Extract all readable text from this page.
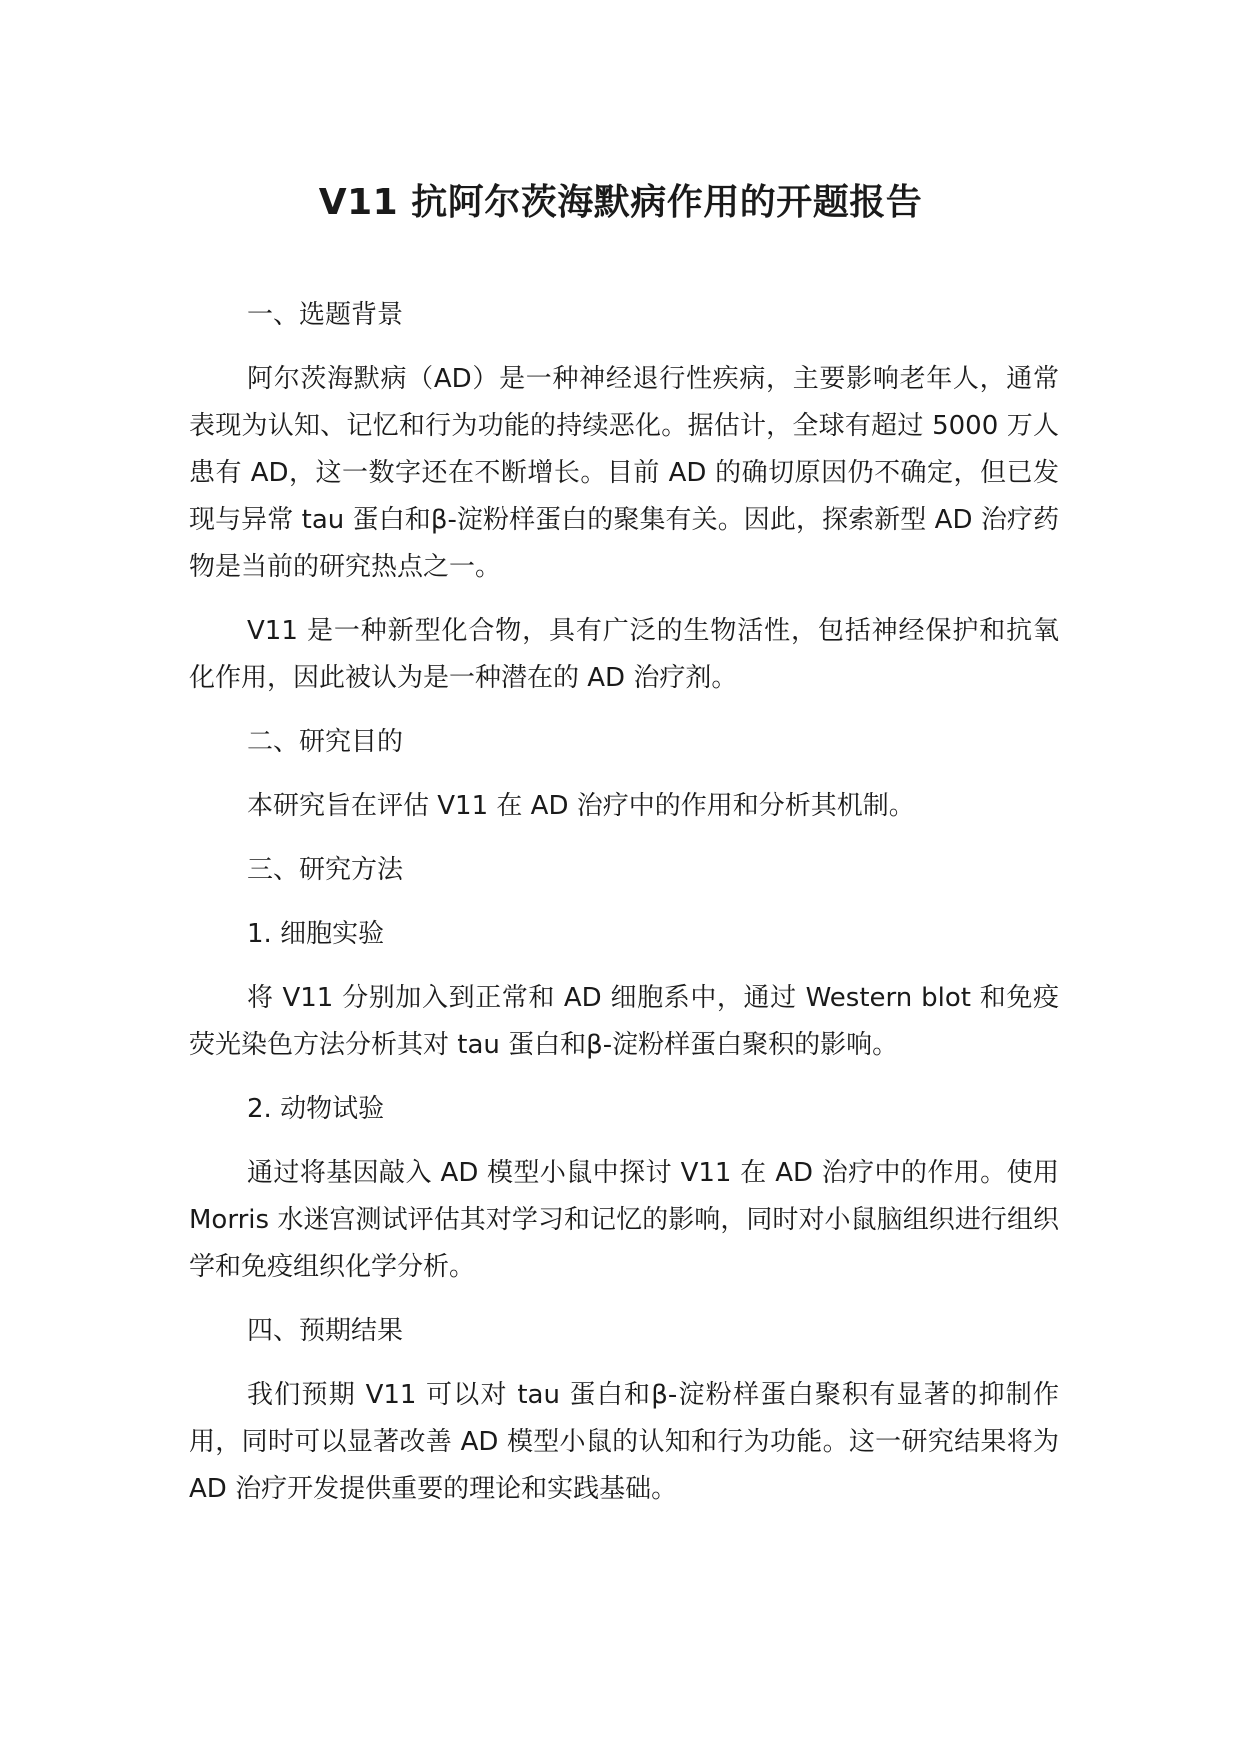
V11 抗阿尔茨海默病作用的开题报告

一、选题背景

阿尔茨海默病（AD）是一种神经退行性疾病，主要影响老年人，通常表现为认知、记忆和行为功能的持续恶化。据估计，全球有超过 5000 万人患有 AD，这一数字还在不断增长。目前 AD 的确切原因仍不确定，但已发现与异常 tau 蛋白和β-淀粉样蛋白的聚集有关。因此，探索新型 AD 治疗药物是当前的研究热点之一。

V11 是一种新型化合物，具有广泛的生物活性，包括神经保护和抗氧化作用，因此被认为是一种潜在的 AD 治疗剂。

二、研究目的

本研究旨在评估 V11 在 AD 治疗中的作用和分析其机制。

三、研究方法

1. 细胞实验

将 V11 分别加入到正常和 AD 细胞系中，通过 Western blot 和免疫荧光染色方法分析其对 tau 蛋白和β-淀粉样蛋白聚积的影响。

2. 动物试验

通过将基因敲入 AD 模型小鼠中探讨 V11 在 AD 治疗中的作用。使用 Morris 水迷宫测试评估其对学习和记忆的影响，同时对小鼠脑组织进行组织学和免疫组织化学分析。

四、预期结果

我们预期 V11 可以对 tau 蛋白和β-淀粉样蛋白聚积有显著的抑制作用，同时可以显著改善 AD 模型小鼠的认知和行为功能。这一研究结果将为 AD 治疗开发提供重要的理论和实践基础。
